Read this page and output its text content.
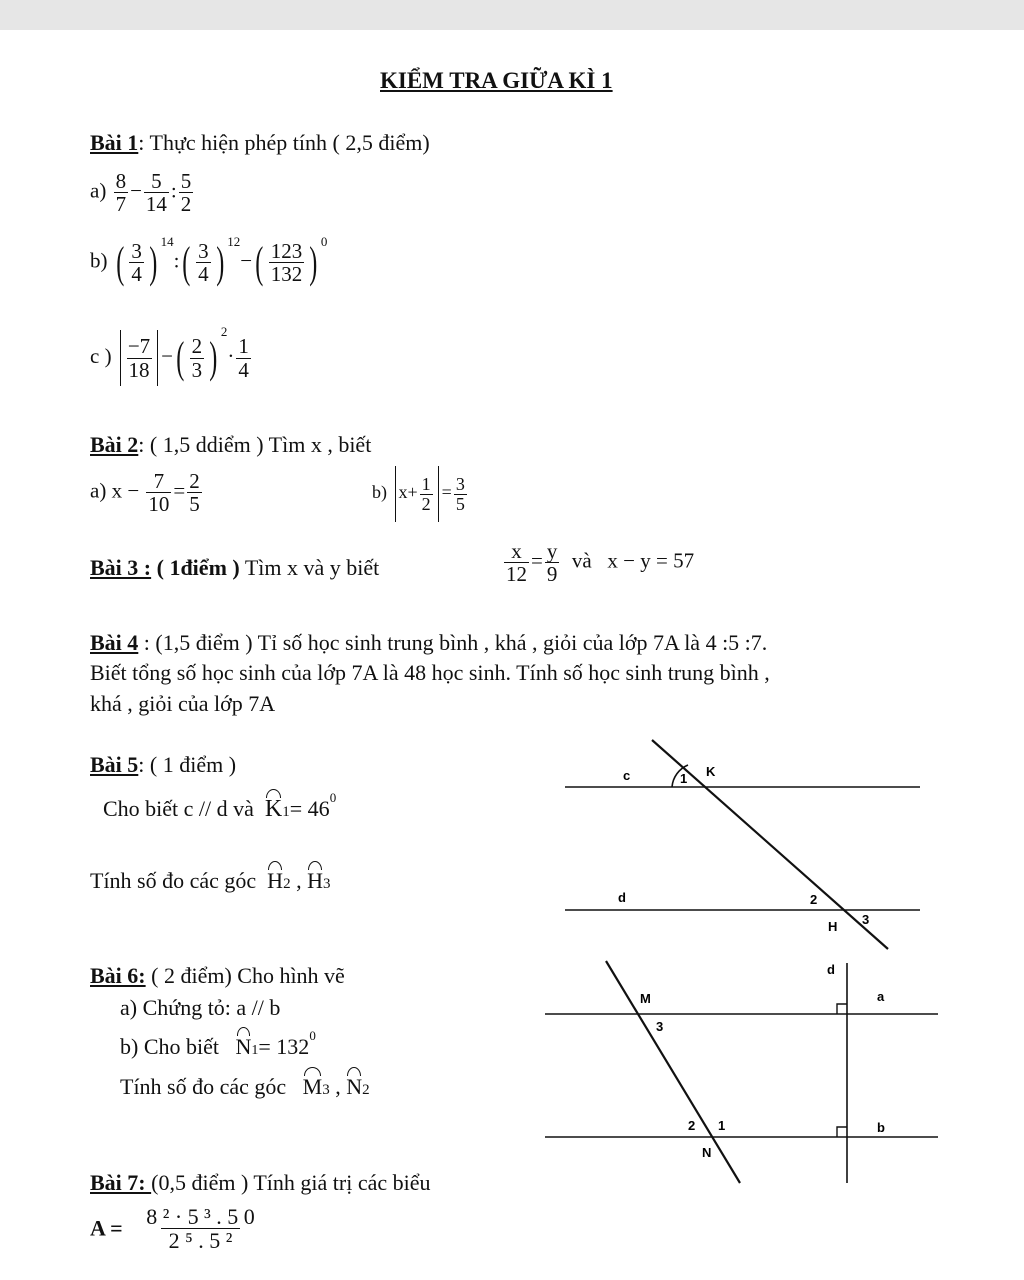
KIỂM TRA GIỮA KÌ 1
Bài 1: Thực hiện phép tính ( 2,5 điểm)
$a) \frac{8}{7} - \frac{5}{14}$ : $\frac{5}{2}$
b) ( $\frac{3}{4}$ ) $^{14}$:( $\frac{3}{4}$ ) $^{12}-( \frac{123}{132}$ ) $^0$
c ) $\frac{-7}{18}$ −( $\frac{2}{3} )^2\cdot \frac{1}{4}$
Bài 2: ( 1,5 ddiểm ) Tìm x , biết
a) $x - \frac{7}{10} = \frac{2}{5}$	b) $x+ \frac{1}{2} = \frac{3}{5}$
Bài 3 : ( 1điểm ) Tìm x và y biết	$\frac{x}{12} = \frac{y}{9}$ và x − y = 57
Bài 4 : (1,5 điểm ) Tỉ số học sinh trung bình , khá , giỏi của lớp 7A là 4 :5 :7.
Biết tổng số học sinh của lớp 7A là 48 học sinh. Tính số học sinh trung bình ,
khá , giỏi của lớp 7A
Bài 5: ( 1 điểm )
Cho biết c // d và $K1= 46^0$
Tính số đo các góc H2 , H3
c	K
1
d	2
H 3
Bài 6: ( 2 điểm) Cho hình vẽ
a) Chứng tỏ: a // b
b) Cho biết $N1= 132^0$
Tính số đo các góc M3 , N2
d
M	a
3
2 1	b
N
Bài 7: (0,5 điểm ) Tính giá trị các biểu
$A = \frac{\text{8 ² · 5 ³ . 5 0}}{\text{2 ⁵ . 5 ²}}$
